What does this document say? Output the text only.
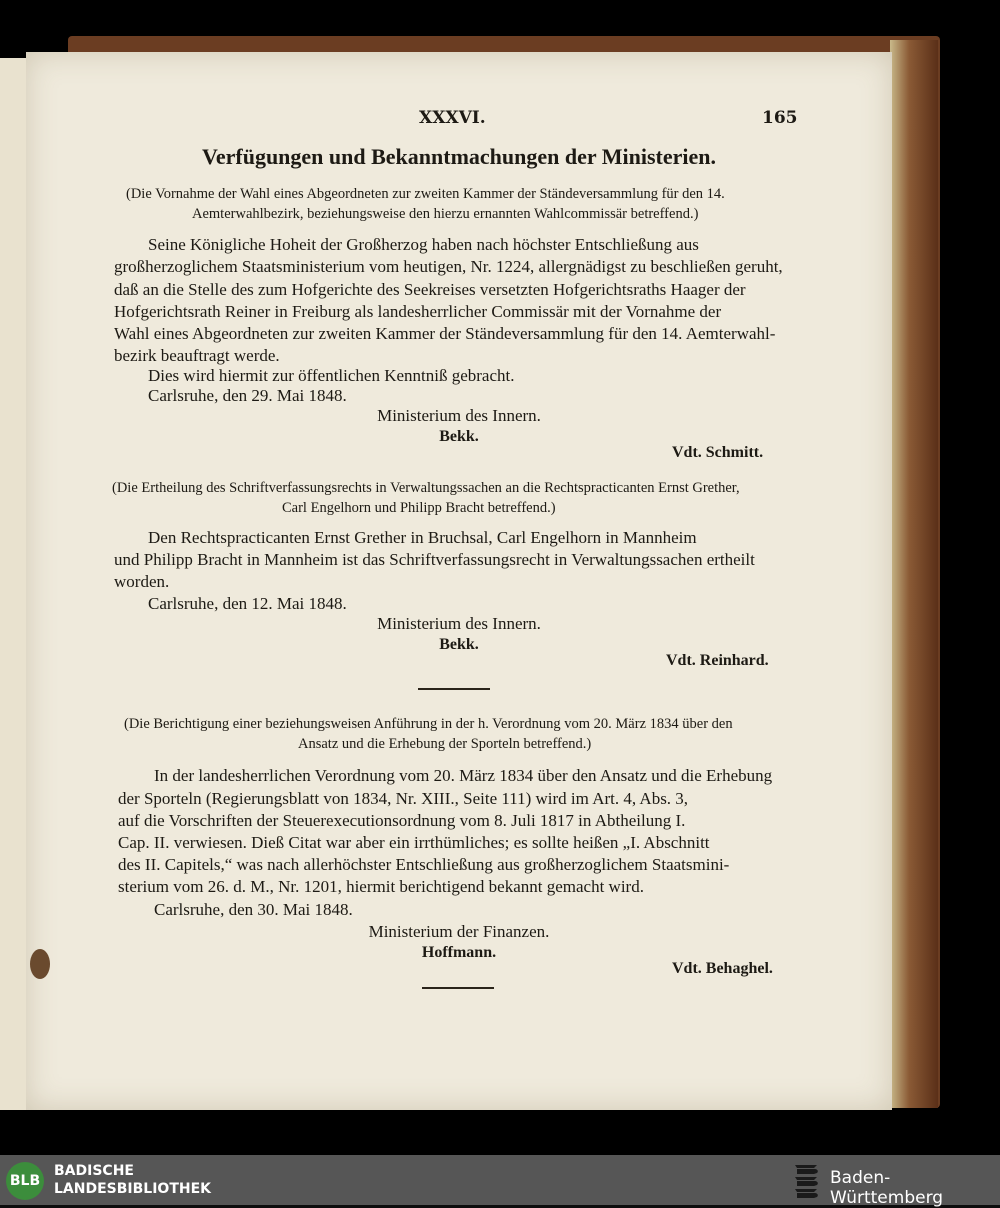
XXXVI.	165
Verfügungen und Bekanntmachungen der Ministerien.
(Die Vornahme der Wahl eines Abgeordneten zur zweiten Kammer der Ständeversammlung für den 14.
Aemterwahlbezirk, beziehungsweise den hierzu ernannten Wahlcommissär betreffend.)
Seine Königliche Hoheit der Großherzog haben nach höchster Entschließung aus
großherzoglichem Staatsministerium vom heutigen, Nr. 1224, allergnädigst zu beschließen geruht,
daß an die Stelle des zum Hofgerichte des Seekreises versetzten Hofgerichtsraths Haager der
Hofgerichtsrath Reiner in Freiburg als landesherrlicher Commissär mit der Vornahme der
Wahl eines Abgeordneten zur zweiten Kammer der Ständeversammlung für den 14. Aemterwahl-
bezirk beauftragt werde.
Dies wird hiermit zur öffentlichen Kenntniß gebracht.
Carlsruhe, den 29. Mai 1848.
Ministerium des Innern.
Bekk.
Vdt. Schmitt.
(Die Ertheilung des Schriftverfassungsrechts in Verwaltungssachen an die Rechtspracticanten Ernst Grether,
Carl Engelhorn und Philipp Bracht betreffend.)
Den Rechtspracticanten Ernst Grether in Bruchsal, Carl Engelhorn in Mannheim
und Philipp Bracht in Mannheim ist das Schriftverfassungsrecht in Verwaltungssachen ertheilt
worden.
Carlsruhe, den 12. Mai 1848.
Ministerium des Innern.
Bekk.
Vdt. Reinhard.
(Die Berichtigung einer beziehungsweisen Anführung in der h. Verordnung vom 20. März 1834 über den
Ansatz und die Erhebung der Sporteln betreffend.)
In der landesherrlichen Verordnung vom 20. März 1834 über den Ansatz und die Erhebung
der Sporteln (Regierungsblatt von 1834, Nr. XIII., Seite 111) wird im Art. 4, Abs. 3,
auf die Vorschriften der Steuerexecutionsordnung vom 8. Juli 1817 in Abtheilung I.
Cap. II. verwiesen. Dieß Citat war aber ein irrthümliches; es sollte heißen „I. Abschnitt
des II. Capitels,“ was nach allerhöchster Entschließung aus großherzoglichem Staatsmini-
sterium vom 26. d. M., Nr. 1201, hiermit berichtigend bekannt gemacht wird.
Carlsruhe, den 30. Mai 1848.
Ministerium der Finanzen.
Hoffmann.
Vdt. Behaghel.
BLB
BADISCHE
LANDESBIBLIOTHEK
Baden-Württemberg
